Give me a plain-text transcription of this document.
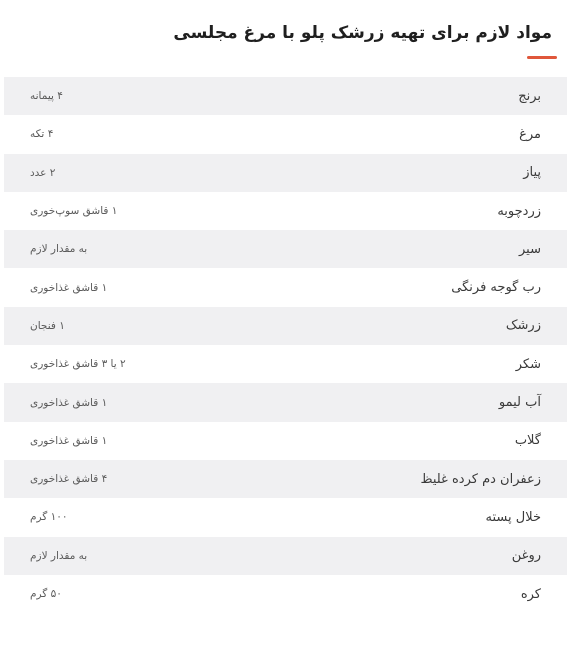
مواد لازم برای تهیه زرشک پلو با مرغ مجلسی
برنج
۴ پیمانه
مرغ
۴ تکه
پیاز
۲ عدد
زردچوبه
۱ قاشق سوپ‌خوری
سیر
به مقدار لازم
رب گوجه فرنگی
۱ قاشق غذاخوری
زرشک
۱ فنجان
شکر
۲ یا ۳ قاشق غذاخوری
آب لیمو
۱ قاشق غذاخوری
گلاب
۱ قاشق غذاخوری
زعفران دم کرده غلیظ
۴ قاشق غذاخوری
خلال پسته
۱۰۰ گرم
روغن
به مقدار لازم
کره
۵۰ گرم
